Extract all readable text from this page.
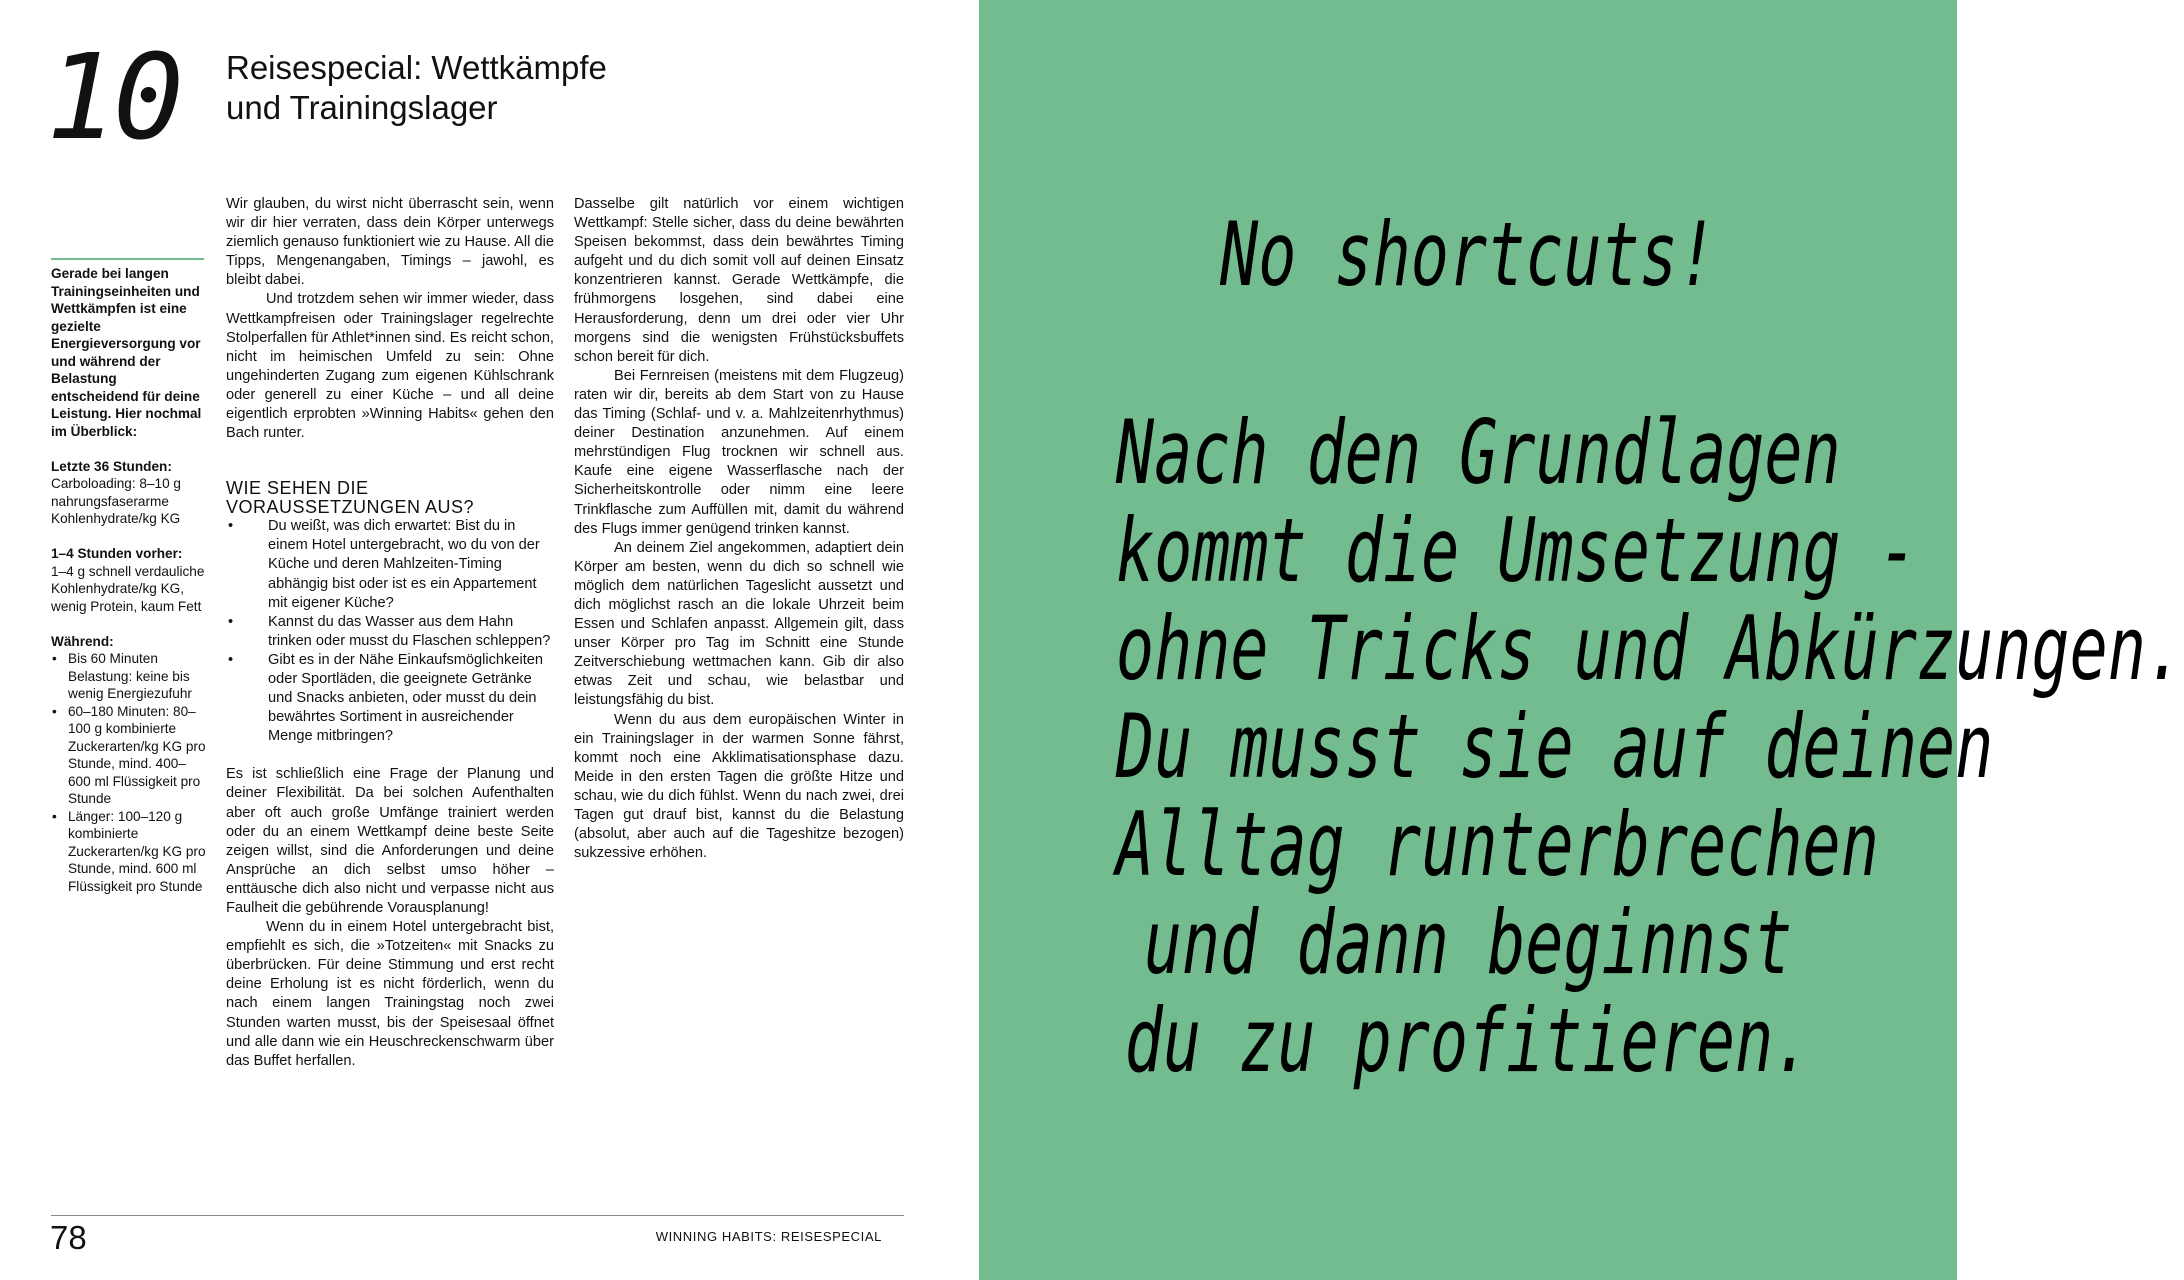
10 Reisespecial: Wettkämpfe
und Trainingslager

Gerade bei langen Trainingseinheiten und Wettkämpfen ist eine gezielte Energieversorgung vor und während der Belastung entscheidend für deine Leistung. Hier nochmal im Überblick:

Letzte 36 Stunden:
Carboloading: 8–10 g nahrungsfaserarme Kohlenhydrate/kg KG

1–4 Stunden vorher:
1–4 g schnell verdauliche Kohlenhydrate/kg KG, wenig Protein, kaum Fett

Während:
• Bis 60 Minuten Belastung: keine bis wenig Energiezufuhr
• 60–180 Minuten: 80–100 g kombinierte Zuckerarten/kg KG pro Stunde, mind. 400–600 ml Flüssigkeit pro Stunde
• Länger: 100–120 g kombinierte Zuckerarten/kg KG pro Stunde, mind. 600 ml Flüssigkeit pro Stunde

Wir glauben, du wirst nicht überrascht sein, wenn wir dir hier verraten, dass dein Körper unterwegs ziemlich genauso funktioniert wie zu Hause. All die Tipps, Mengenangaben, Timings – jawohl, es bleibt dabei.

Und trotzdem sehen wir immer wieder, dass Wettkampfreisen oder Trainingslager regelrechte Stolperfallen für Athlet*innen sind. Es reicht schon, nicht im heimischen Umfeld zu sein: Ohne ungehinderten Zugang zum eigenen Kühlschrank oder generell zu einer Küche – und all deine eigentlich erprobten »Winning Habits« gehen den Bach runter.

WIE SEHEN DIE VORAUSSETZUNGEN AUS?
• Du weißt, was dich erwartet: Bist du in einem Hotel untergebracht, wo du von der Küche und deren Mahlzeiten-Timing abhängig bist oder ist es ein Appartement mit eigener Küche?
• Kannst du das Wasser aus dem Hahn trinken oder musst du Flaschen schleppen?
• Gibt es in der Nähe Einkaufsmöglichkeiten oder Sportläden, die geeignete Getränke und Snacks anbieten, oder musst du dein bewährtes Sortiment in ausreichender Menge mitbringen?

Es ist schließlich eine Frage der Planung und deiner Flexibilität. Da bei solchen Aufenthalten aber oft auch große Umfänge trainiert werden oder du an einem Wettkampf deine beste Seite zeigen willst, sind die Anforderungen und deine Ansprüche an dich selbst umso höher – enttäusche dich also nicht und verpasse nicht aus Faulheit die gebührende Vorausplanung!

Wenn du in einem Hotel untergebracht bist, empfiehlt es sich, die »Totzeiten« mit Snacks zu überbrücken. Für deine Stimmung und erst recht deine Erholung ist es nicht förderlich, wenn du nach einem langen Trainingstag noch zwei Stunden warten musst, bis der Speisesaal öffnet und alle dann wie ein Heuschreckenschwarm über das Buffet herfallen.

Dasselbe gilt natürlich vor einem wichtigen Wettkampf: Stelle sicher, dass du deine bewährten Speisen bekommst, dass dein bewährtes Timing aufgeht und du dich somit voll auf deinen Einsatz konzentrieren kannst. Gerade Wettkämpfe, die frühmorgens losgehen, sind dabei eine Herausforderung, denn um drei oder vier Uhr morgens sind die wenigsten Frühstücksbuffets schon bereit für dich.

Bei Fernreisen (meistens mit dem Flugzeug) raten wir dir, bereits ab dem Start von zu Hause das Timing (Schlaf- und v. a. Mahlzeitenrhythmus) deiner Destination anzunehmen. Auf einem mehrstündigen Flug trocknen wir schnell aus. Kaufe eine eigene Wasserflasche nach der Sicherheitskontrolle oder nimm eine leere Trinkflasche zum Auffüllen mit, damit du während des Flugs immer genügend trinken kannst.

An deinem Ziel angekommen, adaptiert dein Körper am besten, wenn du dich so schnell wie möglich dem natürlichen Tageslicht aussetzt und dich möglichst rasch an die lokale Uhrzeit beim Essen und Schlafen anpasst. Allgemein gilt, dass unser Körper pro Tag im Schnitt eine Stunde Zeitverschiebung wettmachen kann. Gib dir also etwas Zeit und schau, wie belastbar und leistungsfähig du bist.

Wenn du aus dem europäischen Winter in ein Trainingslager in der warmen Sonne fährst, kommt noch eine Akklimatisationsphase dazu. Meide in den ersten Tagen die größte Hitze und schau, wie du dich fühlst. Wenn du nach zwei, drei Tagen gut drauf bist, kannst du die Belastung (absolut, aber auch auf die Tageshitze bezogen) sukzessive erhöhen.

78	WINNING HABITS: REISESPECIAL
No shortcuts!
Nach den Grundlagen
kommt die Umsetzung -
ohne Tricks und Abkürzungen.
Du musst sie auf deinen
Alltag runterbrechen
und dann beginnst
du zu profitieren.
